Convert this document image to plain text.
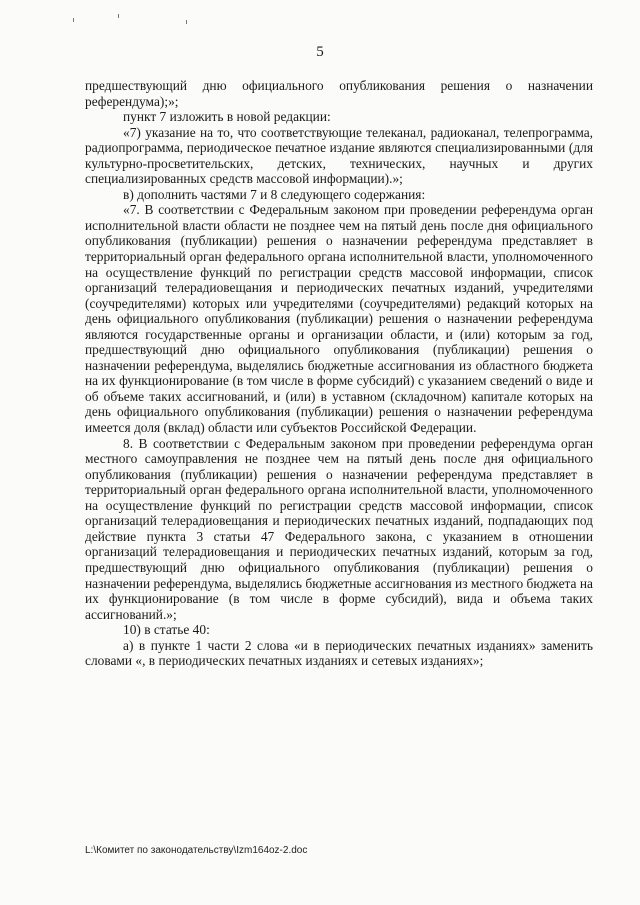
5

предшествующий дню официального опубликования решения о назначении референдума);»;

пункт 7 изложить в новой редакции:

«7) указание на то, что соответствующие телеканал, радиоканал, телепрограмма, радиопрограмма, периодическое печатное издание являются специализированными (для культурно-просветительских, детских, технических, научных и других специализированных средств массовой информации).»;

в) дополнить частями 7 и 8 следующего содержания:

«7. В соответствии с Федеральным законом при проведении референдума орган исполнительной власти области не позднее чем на пятый день после дня официального опубликования (публикации) решения о назначении референдума представляет в территориальный орган федерального органа исполнительной власти, уполномоченного на осуществление функций по регистрации средств массовой информации, список организаций телерадиовещания и периодических печатных изданий, учредителями (соучредителями) которых или учредителями (соучредителями) редакций которых на день официального опубликования (публикации) решения о назначении референдума являются государственные органы и организации области, и (или) которым за год, предшествующий дню официального опубликования (публикации) решения о назначении референдума, выделялись бюджетные ассигнования из областного бюджета на их функционирование (в том числе в форме субсидий) с указанием сведений о виде и об объеме таких ассигнований, и (или) в уставном (складочном) капитале которых на день официального опубликования (публикации) решения о назначении референдума имеется доля (вклад) области или субъектов Российской Федерации.

8. В соответствии с Федеральным законом при проведении референдума орган местного самоуправления не позднее чем на пятый день после дня официального опубликования (публикации) решения о назначении референдума представляет в территориальный орган федерального органа исполнительной власти, уполномоченного на осуществление функций по регистрации средств массовой информации, список организаций телерадиовещания и периодических печатных изданий, подпадающих под действие пункта 3 статьи 47 Федерального закона, с указанием в отношении организаций телерадиовещания и периодических печатных изданий, которым за год, предшествующий дню официального опубликования (публикации) решения о назначении референдума, выделялись бюджетные ассигнования из местного бюджета на их функционирование (в том числе в форме субсидий), вида и объема таких ассигнований.»;

10) в статье 40:

а) в пункте 1 части 2 слова «и в периодических печатных изданиях» заменить словами «, в периодических печатных изданиях и сетевых изданиях»;

L:\Комитет по законодательству\Izm164oz-2.doc
